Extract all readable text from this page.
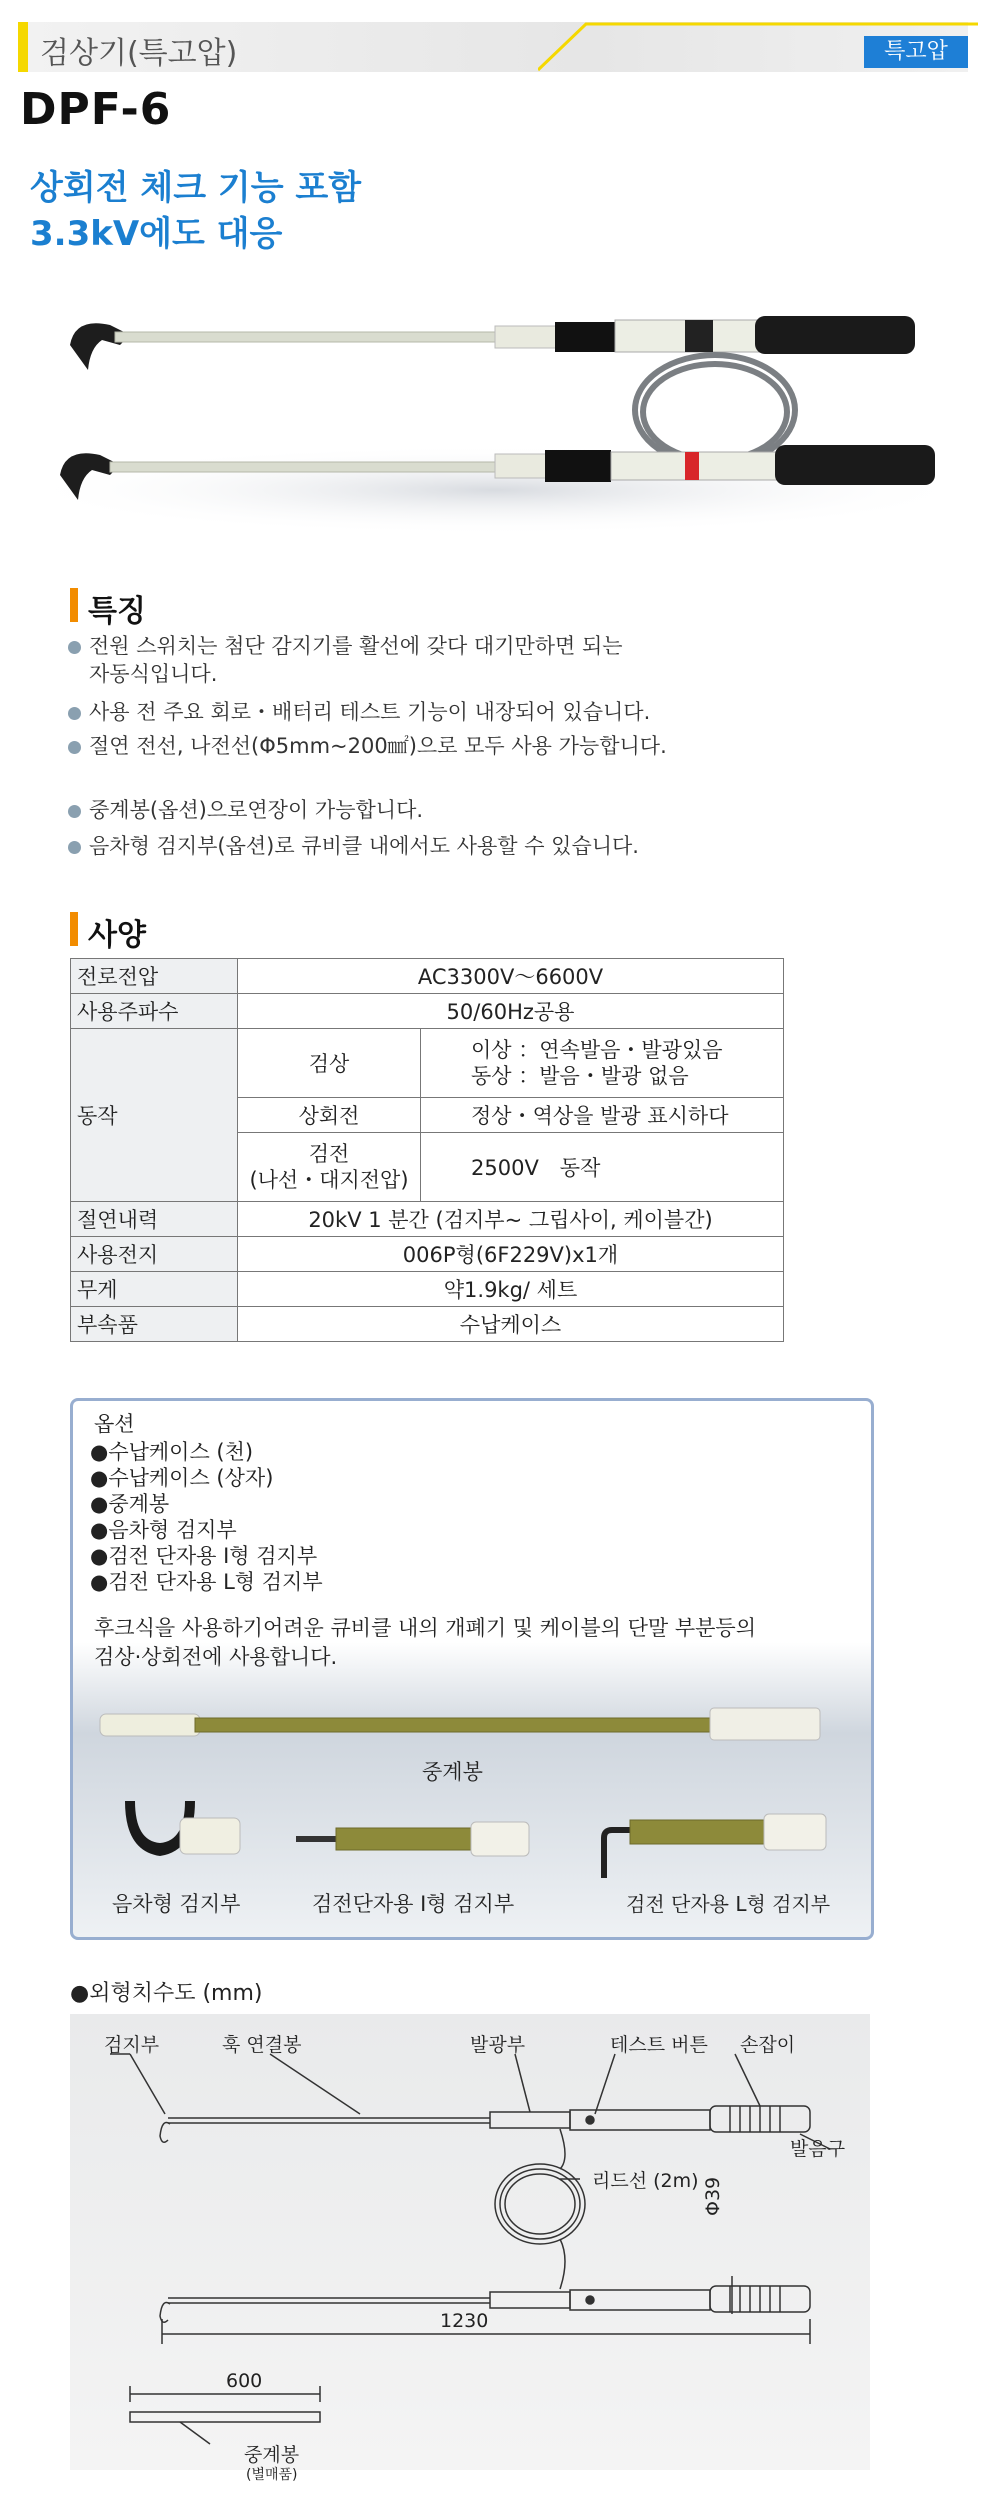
검상기(특고압)	특고압
DPF-6
상회전 체크 기능 포함
3.3kV에도 대응
특징
전원 스위치는 첨단 감지기를 활선에 갖다 대기만하면 되는
자동식입니다.
사용 전 주요 회로・배터리 테스트 기능이 내장되어 있습니다.
절연 전선, 나전선(Φ5mm~200㎟)으로 모두 사용 가능합니다.
중계봉(옵션)으로연장이 가능합니다.
음차형 검지부(옵션)로 큐비클 내에서도 사용할 수 있습니다.
사양
전로전압	AC3300V～6600V	
사용주파수	50/60Hz공용	
동작	검상	이상 ：연속발음・발광있음
동상 ：발음・발광 없음
	상회전	정상・역상을 발광 표시하다
	검전
(나선・대지전압)	2500V　동작
절연내력	20kV 1 분간 (검지부~ 그립사이, 케이블간)	
사용전지	006P형(6F229V)x1개	
무게	약1.9kg/ 세트	
부속품	수납케이스	
옵션
●수납케이스 (천)
●수납케이스 (상자)
●중계봉
●음차형 검지부
●검전 단자용 I형 검지부
●검전 단자용 L형 검지부
후크식을 사용하기어려운 큐비클 내의 개폐기 및 케이블의 단말 부분등의
검상·상회전에 사용합니다.
중계봉
음차형 검지부	검전단자용 I형 검지부	검전 단자용 L형 검지부
●외형치수도 (mm)
검지부	훅 연결봉	발광부	테스트 버튼 손잡이
발음구
리드선 (2m) Φ39
1230
600
중계봉
(별매품)
